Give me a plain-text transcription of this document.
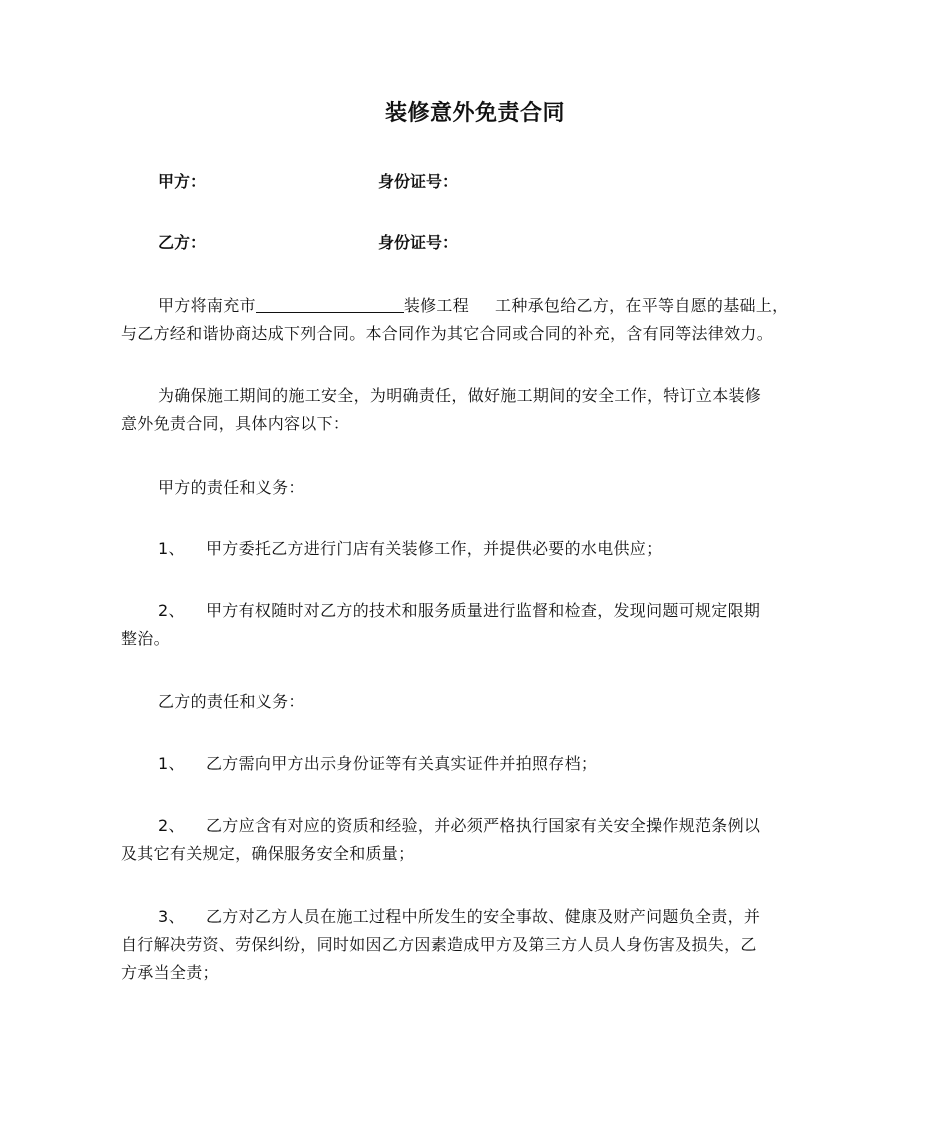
装修意外免责合同
甲方：	身份证号：
乙方：	身份证号：
甲方将南充市	装修工程 工种承包给乙方，在平等自愿的基础上，
与乙方经和谐协商达成下列合同。本合同作为其它合同或合同的补充，含有同等法律效力。
为确保施工期间的施工安全，为明确责任，做好施工期间的安全工作，特订立本装修
意外免责合同，具体内容以下：
甲方的责任和义务：
1、 甲方委托乙方进行门店有关装修工作，并提供必要的水电供应；
2、 甲方有权随时对乙方的技术和服务质量进行监督和检查，发现问题可规定限期
整治。
乙方的责任和义务：
1、 乙方需向甲方出示身份证等有关真实证件并拍照存档；
2、 乙方应含有对应的资质和经验，并必须严格执行国家有关安全操作规范条例以
及其它有关规定，确保服务安全和质量；
3、 乙方对乙方人员在施工过程中所发生的安全事故、健康及财产问题负全责，并
自行解决劳资、劳保纠纷，同时如因乙方因素造成甲方及第三方人员人身伤害及损失，乙
方承当全责；
